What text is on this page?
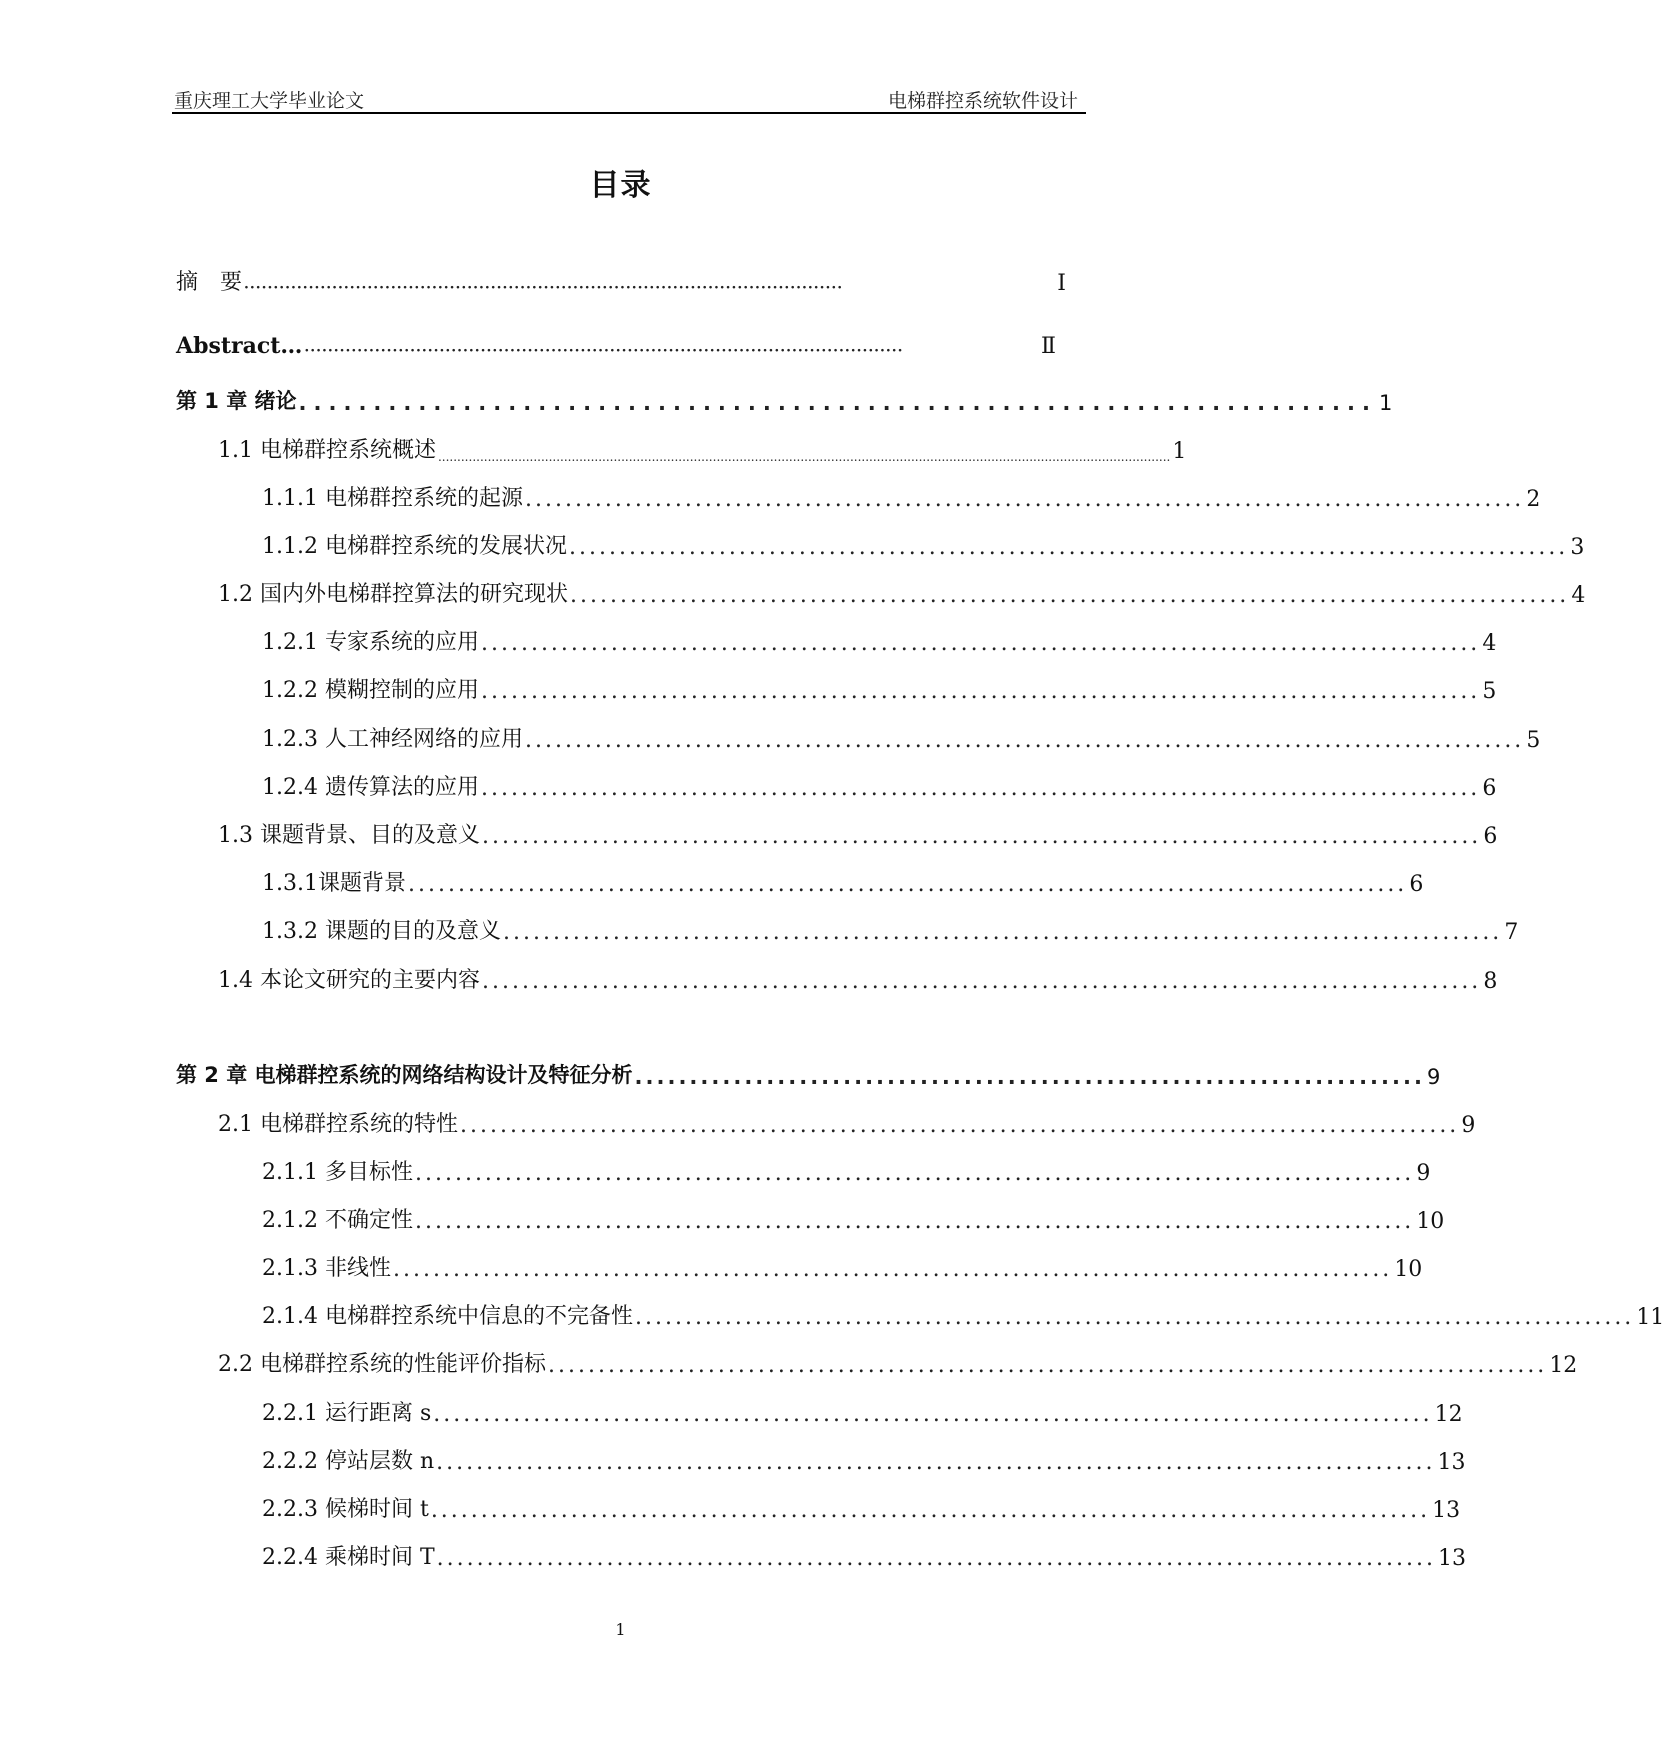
重庆理工大学毕业论文	电梯群控系统软件设计
目录
摘　要 ······································································································	Ⅰ
Abstract… ······································································································	Ⅱ
第 1 章 绪论 ........................................................................ 1
1.1 电梯群控系统概述 ................................................................................................................................................................................................ 1
1.1.1 电梯群控系统的起源 .................................................................................................... 2
1.1.2 电梯群控系统的发展状况 .................................................................................................... 3
1.2 国内外电梯群控算法的研究现状 .................................................................................................... 4
1.2.1 专家系统的应用 .................................................................................................... 4
1.2.2 模糊控制的应用 .................................................................................................... 5
1.2.3 人工神经网络的应用 .................................................................................................... 5
1.2.4 遗传算法的应用 .................................................................................................... 6
1.3 课题背景、目的及意义 .................................................................................................... 6
1.3.1课题背景 .................................................................................................... 6
1.3.2 课题的目的及意义 .................................................................................................... 7
1.4 本论文研究的主要内容 .................................................................................................... 8
第 2 章 电梯群控系统的网络结构设计及特征分析 ........................................................................ 9
2.1 电梯群控系统的特性 .................................................................................................... 9
2.1.1 多目标性 .................................................................................................... 9
2.1.2 不确定性 .................................................................................................... 10
2.1.3 非线性 .................................................................................................... 10
2.1.4 电梯群控系统中信息的不完备性 .................................................................................................... 11
2.2 电梯群控系统的性能评价指标 .................................................................................................... 12
2.2.1 运行距离 s .................................................................................................... 12
2.2.2 停站层数 n .................................................................................................... 13
2.2.3 候梯时间 t .................................................................................................... 13
2.2.4 乘梯时间 T .................................................................................................... 13
1
